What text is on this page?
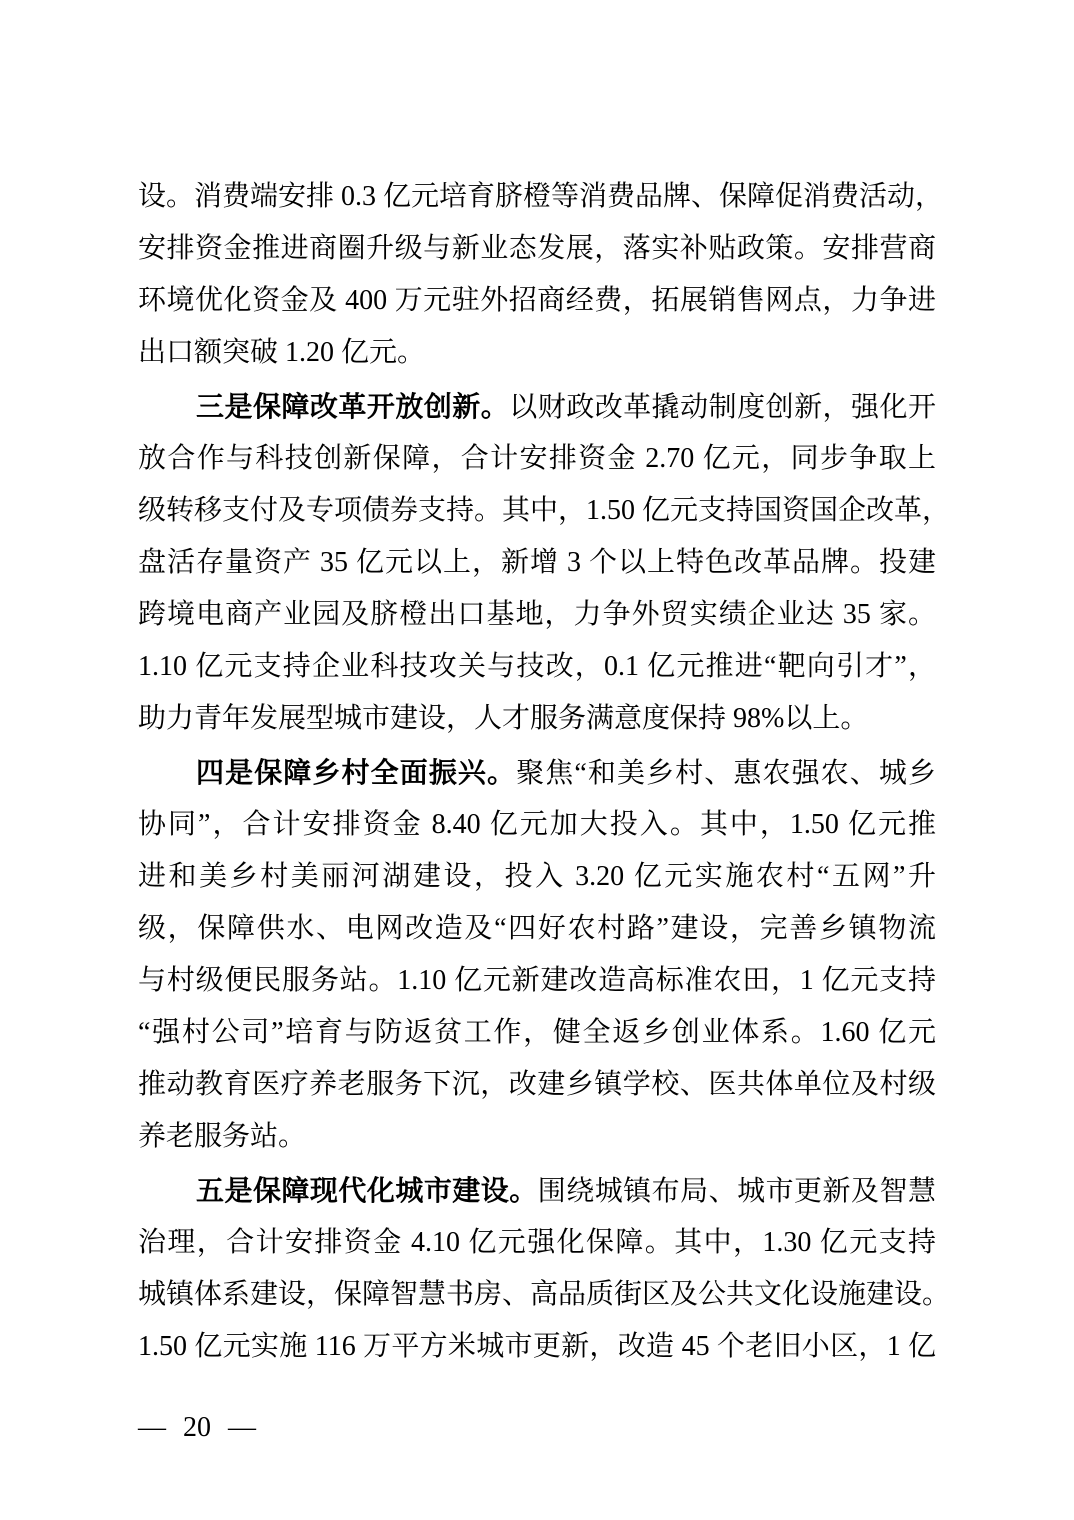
设。消费端安排 0.3 亿元培育脐橙等消费品牌、保障促消费活动，
安排资金推进商圈升级与新业态发展，落实补贴政策。安排营商
环境优化资金及 400 万元驻外招商经费，拓展销售网点，力争进
出口额突破 1.20 亿元。
三是保障改革开放创新。以财政改革撬动制度创新，强化开
放合作与科技创新保障，合计安排资金 2.70 亿元，同步争取上
级转移支付及专项债券支持。其中，1.50 亿元支持国资国企改革，
盘活存量资产 35 亿元以上，新增 3 个以上特色改革品牌。投建
跨境电商产业园及脐橙出口基地，力争外贸实绩企业达 35 家。
1.10 亿元支持企业科技攻关与技改，0.1 亿元推进“靶向引才”，
助力青年发展型城市建设，人才服务满意度保持 98%以上。
四是保障乡村全面振兴。聚焦“和美乡村、惠农强农、城乡
协同”，合计安排资金 8.40 亿元加大投入。其中，1.50 亿元推
进和美乡村美丽河湖建设，投入 3.20 亿元实施农村“五网”升
级，保障供水、电网改造及“四好农村路”建设，完善乡镇物流
与村级便民服务站。1.10 亿元新建改造高标准农田，1 亿元支持
“强村公司”培育与防返贫工作，健全返乡创业体系。1.60 亿元
推动教育医疗养老服务下沉，改建乡镇学校、医共体单位及村级
养老服务站。
五是保障现代化城市建设。围绕城镇布局、城市更新及智慧
治理，合计安排资金 4.10 亿元强化保障。其中，1.30 亿元支持
城镇体系建设，保障智慧书房、高品质街区及公共文化设施建设。
1.50 亿元实施 116 万平方米城市更新，改造 45 个老旧小区，1 亿
— 20 —
